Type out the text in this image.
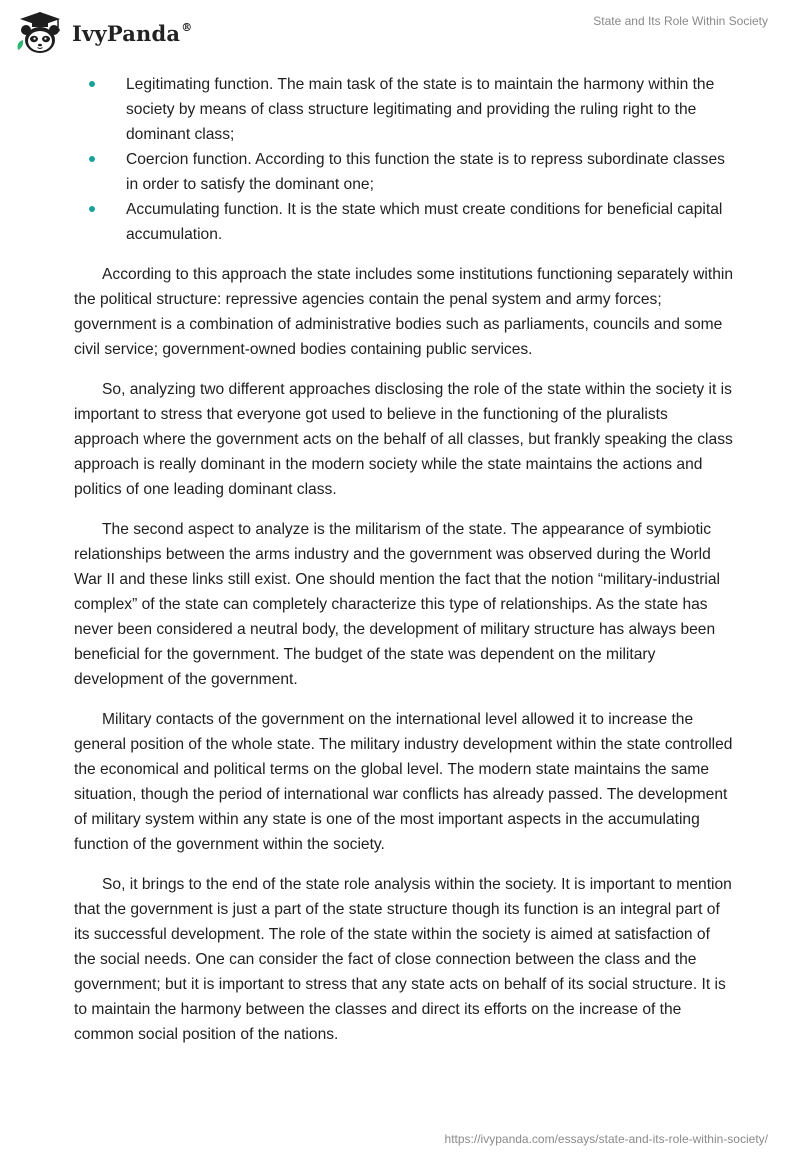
IvyPanda®	State and Its Role Within Society
Legitimating function. The main task of the state is to maintain the harmony within the society by means of class structure legitimating and providing the ruling right to the dominant class;
Coercion function. According to this function the state is to repress subordinate classes in order to satisfy the dominant one;
Accumulating function. It is the state which must create conditions for beneficial capital accumulation.

According to this approach the state includes some institutions functioning separately within the political structure: repressive agencies contain the penal system and army forces; government is a combination of administrative bodies such as parliaments, councils and some civil service; government-owned bodies containing public services.

So, analyzing two different approaches disclosing the role of the state within the society it is important to stress that everyone got used to believe in the functioning of the pluralists approach where the government acts on the behalf of all classes, but frankly speaking the class approach is really dominant in the modern society while the state maintains the actions and politics of one leading dominant class.

The second aspect to analyze is the militarism of the state. The appearance of symbiotic relationships between the arms industry and the government was observed during the World War II and these links still exist. One should mention the fact that the notion “military-industrial complex” of the state can completely characterize this type of relationships. As the state has never been considered a neutral body, the development of military structure has always been beneficial for the government. The budget of the state was dependent on the military development of the government.

Military contacts of the government on the international level allowed it to increase the general position of the whole state. The military industry development within the state controlled the economical and political terms on the global level. The modern state maintains the same situation, though the period of international war conflicts has already passed. The development of military system within any state is one of the most important aspects in the accumulating function of the government within the society.

So, it brings to the end of the state role analysis within the society. It is important to mention that the government is just a part of the state structure though its function is an integral part of its successful development. The role of the state within the society is aimed at satisfaction of the social needs. One can consider the fact of close connection between the class and the government; but it is important to stress that any state acts on behalf of its social structure. It is to maintain the harmony between the classes and direct its efforts on the increase of the common social position of the nations.

https://ivypanda.com/essays/state-and-its-role-within-society/
